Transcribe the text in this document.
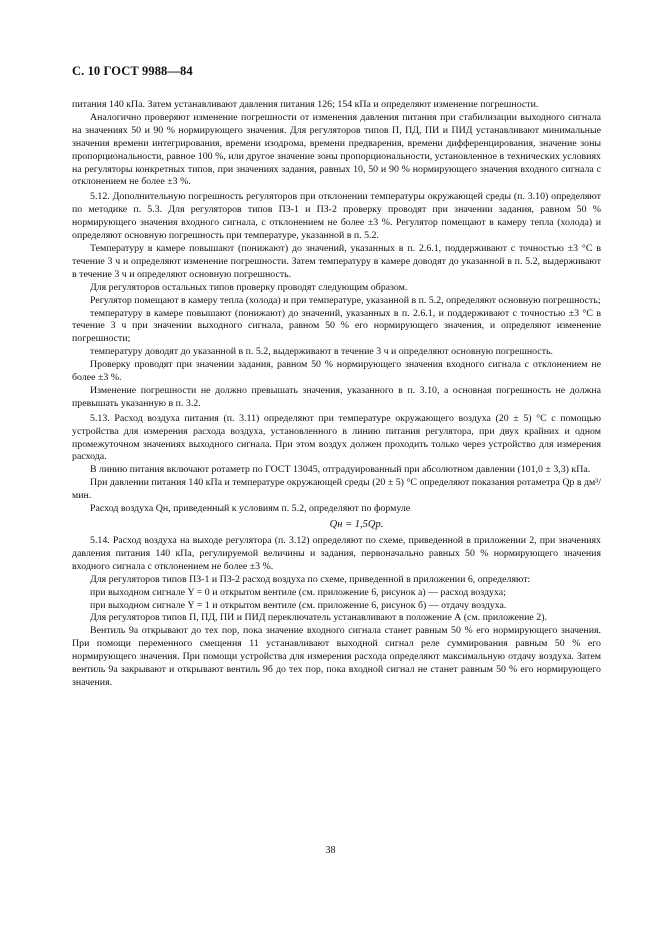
С. 10 ГОСТ 9988—84

питания 140 кПа. Затем устанавливают давления питания 126; 154 кПа и определяют изменение погрешности.

Аналогично проверяют изменение погрешности от изменения давления питания при стабилизации выходного сигнала на значениях 50 и 90 % нормирующего значения. Для регуляторов типов П, ПД, ПИ и ПИД устанавливают минимальные значения времени интегрирования, времени изодрома, времени предварения, времени дифференцирования, значение зоны пропорциональности, равное 100 %, или другое значение зоны пропорциональности, установленное в технических условиях на регуляторы конкретных типов, при значениях задания, равных 10, 50 и 90 % нормирующего значения входного сигнала с отклонением не более ±3 %.

5.12. Дополнительную погрешность регуляторов при отклонении температуры окружающей среды (п. 3.10) определяют по методике п. 5.3. Для регуляторов типов ПЗ-1 и ПЗ-2 проверку проводят при значении задания, равном 50 % нормирующего значения входного сигнала, с отклонением не более ±3 %. Регулятор помещают в камеру тепла (холода) и определяют основную погрешность при температуре, указанной в п. 5.2.

Температуру в камере повышают (понижают) до значений, указанных в п. 2.6.1, поддерживают с точностью ±3 °С в течение 3 ч и определяют изменение погрешности. Затем температуру в камере доводят до указанной в п. 5.2, выдерживают в течение 3 ч и определяют основную погрешность.

Для регуляторов остальных типов проверку проводят следующим образом.

Регулятор помещают в камеру тепла (холода) и при температуре, указанной в п. 5.2, определяют основную погрешность;

температуру в камере повышают (понижают) до значений, указанных в п. 2.6.1, и поддерживают с точностью ±3 °С в течение 3 ч при значении выходного сигнала, равном 50 % его нормирующего значения, и определяют изменение погрешности;

температуру доводят до указанной в п. 5.2, выдерживают в течение 3 ч и определяют основную погрешность.

Проверку проводят при значении задания, равном 50 % нормирующего значения входного сигнала с отклонением не более ±3 %.

Изменение погрешности не должно превышать значения, указанного в п. 3.10, а основная погрешность не должна превышать указанную в п. 3.2.

5.13. Расход воздуха питания (п. 3.11) определяют при температуре окружающего воздуха (20 ± 5) °С с помощью устройства для измерения расхода воздуха, установленного в линию питания регулятора, при двух крайних и одном промежуточном значениях выходного сигнала. При этом воздух должен проходить только через устройство для измерения расхода.

В линию питания включают ротаметр по ГОСТ 13045, отградуированный при абсолютном давлении (101,0 ± 3,3) кПа.

При давлении питания 140 кПа и температуре окружающей среды (20 ± 5) °С определяют показания ротаметра Qр в дм³/мин.

Расход воздуха Qн, приведенный к условиям п. 5.2, определяют по формуле

Qн = 1,5Qр.

5.14. Расход воздуха на выходе регулятора (п. 3.12) определяют по схеме, приведенной в приложении 2, при значениях давления питания 140 кПа, регулируемой величины и задания, первоначально равных 50 % нормирующего значения входного сигнала с отклонением не более ±3 %.

Для регуляторов типов ПЗ-1 и ПЗ-2 расход воздуха по схеме, приведенной в приложении 6, определяют:

при выходном сигнале Y = 0 и открытом вентиле (см. приложение 6, рисунок а) — расход воздуха;

при выходном сигнале Y = 1 и открытом вентиле (см. приложение 6, рисунок б) — отдачу воздуха.

Для регуляторов типов П, ПД, ПИ и ПИД переключатель устанавливают в положение А (см. приложение 2).

Вентиль 9а открывают до тех пор, пока значение входного сигнала станет равным 50 % его нормирующего значения. При помощи переменного смещения 11 устанавливают выходной сигнал реле суммирования равным 50 % его нормирующего значения. При помощи устройства для измерения расхода определяют максимальную отдачу воздуха. Затем вентиль 9а закрывают и открывают вентиль 9б до тех пор, пока входной сигнал не станет равным 50 % его нормирующего значения.

38
